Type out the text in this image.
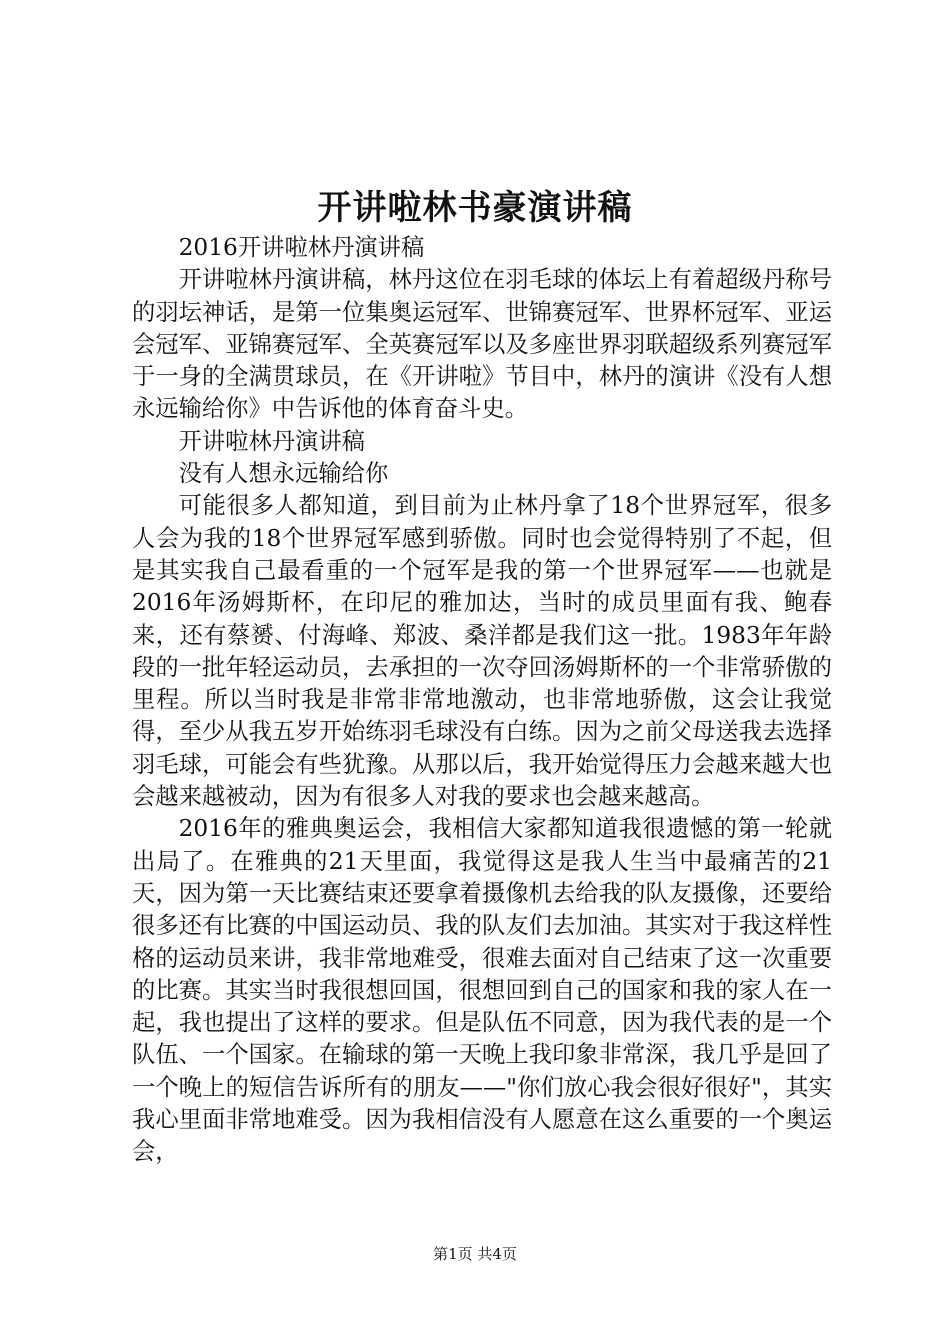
开讲啦林书豪演讲稿

2016开讲啦林丹演讲稿

开讲啦林丹演讲稿，林丹这位在羽毛球的体坛上有着超级丹称号的羽坛神话，是第一位集奥运冠军、世锦赛冠军、世界杯冠军、亚运会冠军、亚锦赛冠军、全英赛冠军以及多座世界羽联超级系列赛冠军于一身的全满贯球员，在《开讲啦》节目中，林丹的演讲《没有人想永远输给你》中告诉他的体育奋斗史。

开讲啦林丹演讲稿

没有人想永远输给你

可能很多人都知道，到目前为止林丹拿了18个世界冠军，很多人会为我的18个世界冠军感到骄傲。同时也会觉得特别了不起，但是其实我自己最看重的一个冠军是我的第一个世界冠军——也就是2016年汤姆斯杯，在印尼的雅加达，当时的成员里面有我、鲍春来，还有蔡赟、付海峰、郑波、桑洋都是我们这一批。1983年年龄段的一批年轻运动员，去承担的一次夺回汤姆斯杯的一个非常骄傲的里程。所以当时我是非常非常地激动，也非常地骄傲，这会让我觉得，至少从我五岁开始练羽毛球没有白练。因为之前父母送我去选择羽毛球，可能会有些犹豫。从那以后，我开始觉得压力会越来越大也会越来越被动，因为有很多人对我的要求也会越来越高。

2016年的雅典奥运会，我相信大家都知道我很遗憾的第一轮就出局了。在雅典的21天里面，我觉得这是我人生当中最痛苦的21天，因为第一天比赛结束还要拿着摄像机去给我的队友摄像，还要给很多还有比赛的中国运动员、我的队友们去加油。其实对于我这样性格的运动员来讲，我非常地难受，很难去面对自己结束了这一次重要的比赛。其实当时我很想回国，很想回到自己的国家和我的家人在一起，我也提出了这样的要求。但是队伍不同意，因为我代表的是一个队伍、一个国家。在输球的第一天晚上我印象非常深，我几乎是回了一个晚上的短信告诉所有的朋友——"你们放心我会很好很好"，其实我心里面非常地难受。因为我相信没有人愿意在这么重要的一个奥运会，

第1页 共4页
